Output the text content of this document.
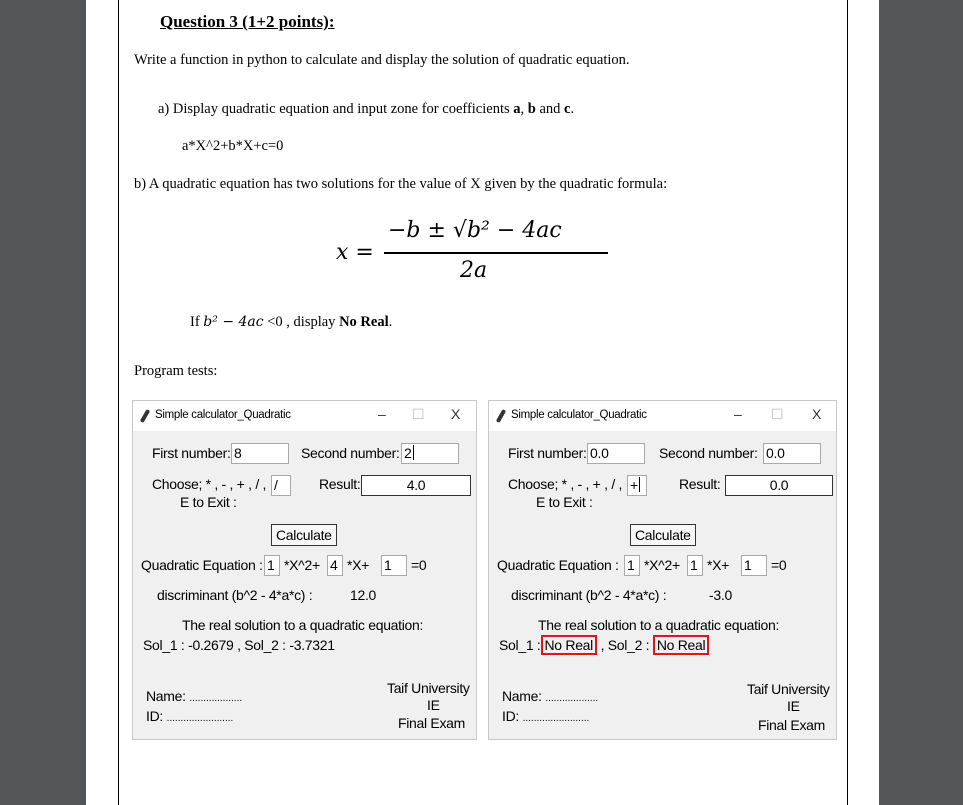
Question 3 (1+2 points):
Write a function in python to calculate and display the solution of quadratic equation.
a) Display quadratic equation and input zone for coefficients a, b and c.
a*X^2+b*X+c=0
b) A quadratic equation has two solutions for the value of X given by the quadratic formula:
x =
−b ± √b² − 4ac
2a
If b² − 4ac <0 , display No Real.
Program tests:
Simple calculator_Quadratic	– ☐ X
First number: 8	Second number: 2
Choose; * , - , + , / ,
E to Exit :
/	Result:	4.0
Calculate
Quadratic Equation : 1 *X^2+ 4 *X+ 1	=0
discriminant (b^2 - 4*a*c) :	12.0
The real solution to a quadratic equation:
Sol_1 : -0.2679 , Sol_2 : -3.7321
Name: ...................
ID: ........................
Taif University
IE
Final Exam
Simple calculator_Quadratic	– ☐ X
First number: 0.0	Second number: 0.0
Choose; * , - , + , / ,
E to Exit :
+	Result:	0.0
Calculate
Quadratic Equation : 1 *X^2+ 1 *X+ 1	=0
discriminant (b^2 - 4*a*c) :	-3.0
The real solution to a quadratic equation:
Sol_1 : No Real , Sol_2 : No Real
Name: ...................
ID: ........................
Taif University
IE
Final Exam
